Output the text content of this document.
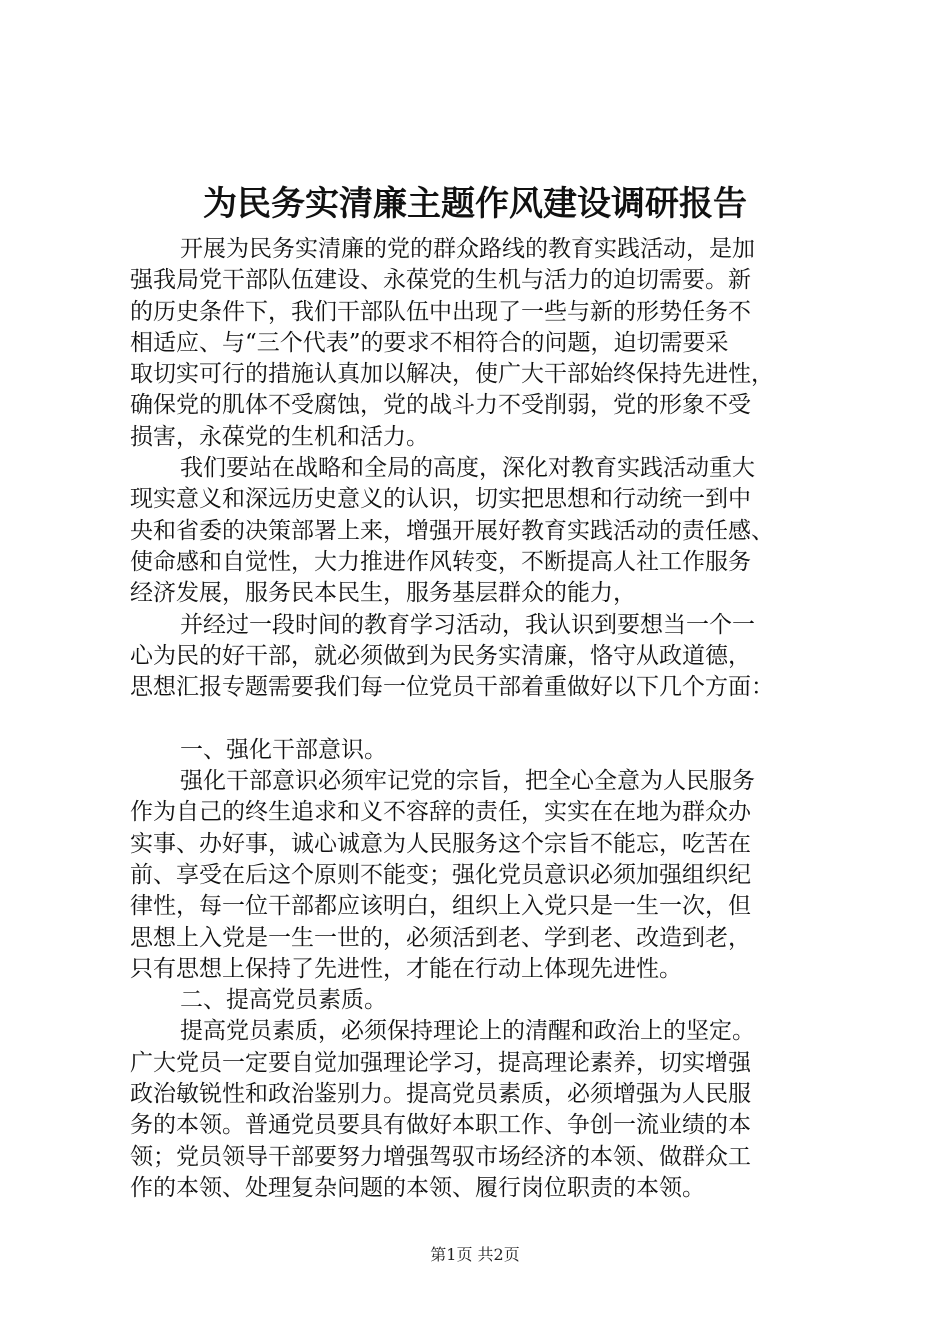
为民务实清廉主题作风建设调研报告
开展为民务实清廉的党的群众路线的教育实践活动，是加
强我局党干部队伍建设、永葆党的生机与活力的迫切需要。新
的历史条件下，我们干部队伍中出现了一些与新的形势任务不
相适应、与“三个代表”的要求不相符合的问题，迫切需要采
取切实可行的措施认真加以解决，使广大干部始终保持先进性，
确保党的肌体不受腐蚀，党的战斗力不受削弱，党的形象不受
损害，永葆党的生机和活力。
我们要站在战略和全局的高度，深化对教育实践活动重大
现实意义和深远历史意义的认识，切实把思想和行动统一到中
央和省委的决策部署上来，增强开展好教育实践活动的责任感、
使命感和自觉性，大力推进作风转变，不断提高人社工作服务
经济发展，服务民本民生，服务基层群众的能力，
并经过一段时间的教育学习活动，我认识到要想当一个一
心为民的好干部，就必须做到为民务实清廉，恪守从政道德，
思想汇报专题需要我们每一位党员干部着重做好以下几个方面：
一、强化干部意识。
强化干部意识必须牢记党的宗旨，把全心全意为人民服务
作为自己的终生追求和义不容辞的责任，实实在在地为群众办
实事、办好事，诚心诚意为人民服务这个宗旨不能忘，吃苦在
前、享受在后这个原则不能变；强化党员意识必须加强组织纪
律性，每一位干部都应该明白，组织上入党只是一生一次，但
思想上入党是一生一世的，必须活到老、学到老、改造到老，
只有思想上保持了先进性，才能在行动上体现先进性。
二、提高党员素质。
提高党员素质，必须保持理论上的清醒和政治上的坚定。
广大党员一定要自觉加强理论学习，提高理论素养，切实增强
政治敏锐性和政治鉴别力。提高党员素质，必须增强为人民服
务的本领。普通党员要具有做好本职工作、争创一流业绩的本
领；党员领导干部要努力增强驾驭市场经济的本领、做群众工
作的本领、处理复杂问题的本领、履行岗位职责的本领。
第1页 共2页
